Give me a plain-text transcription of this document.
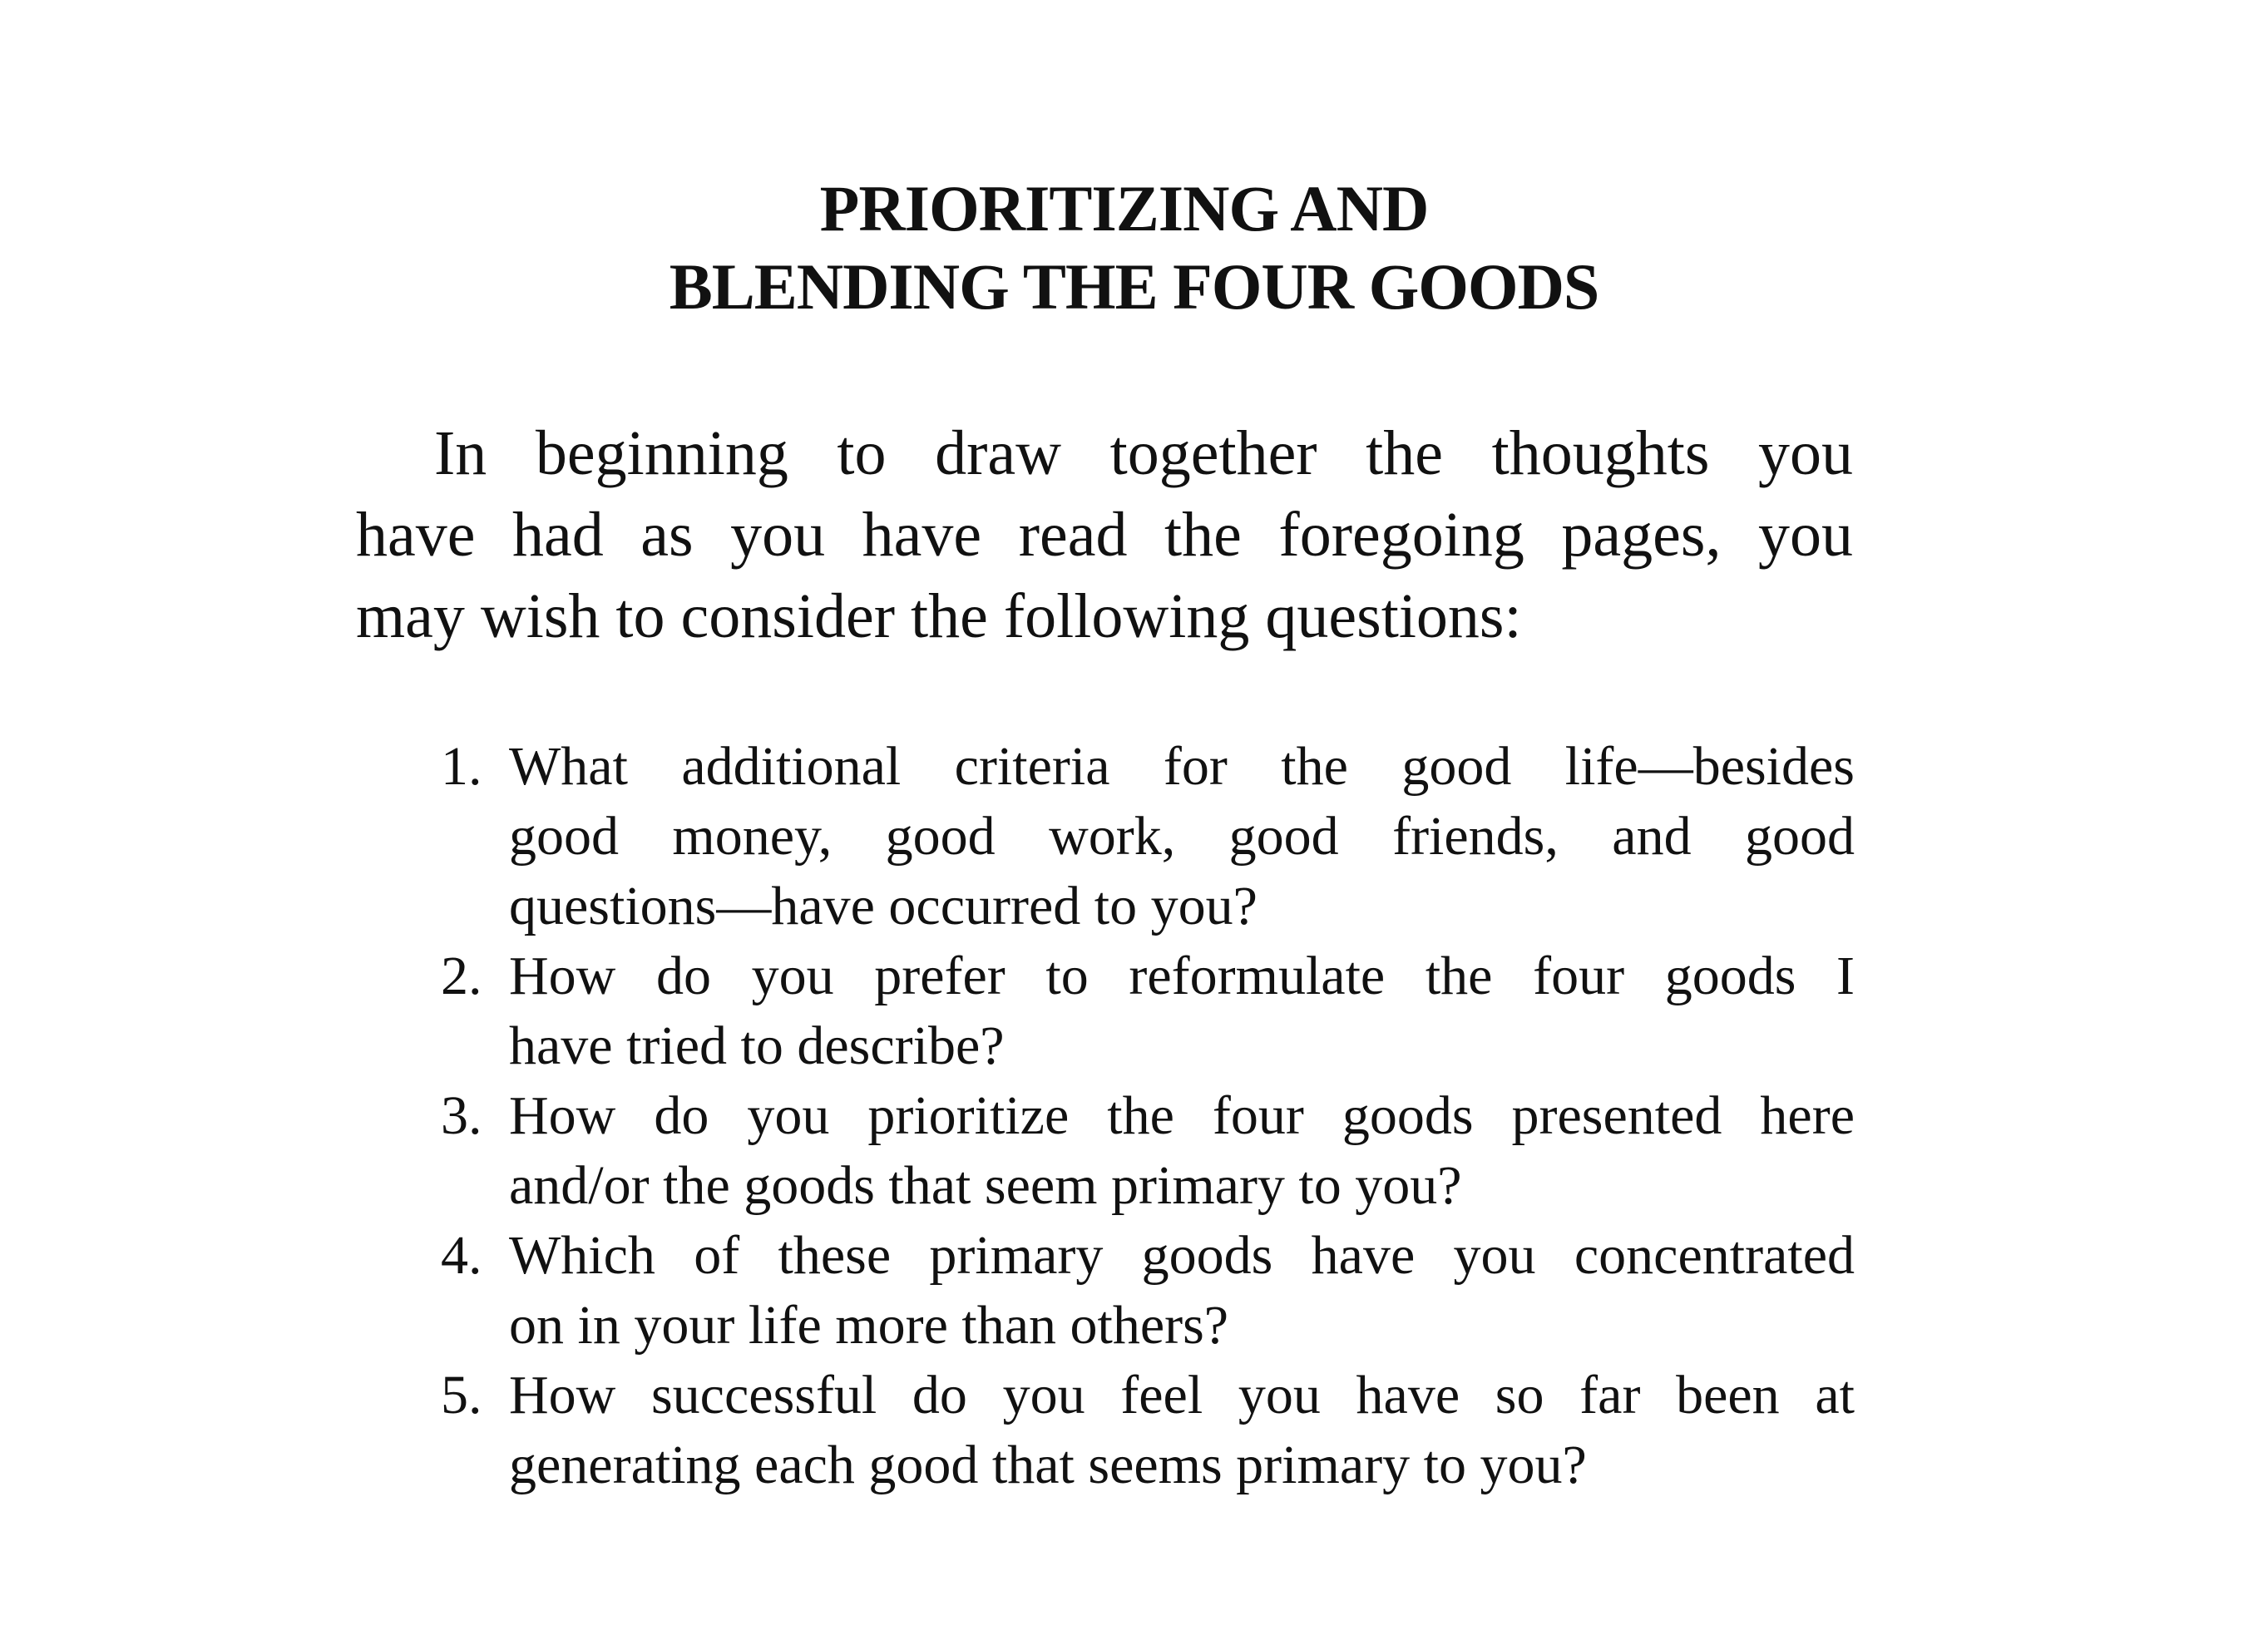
PRIORITIZING AND
BLENDING THE FOUR GOODS
In beginning to draw together the thoughts you
have had as you have read the foregoing pages, you
may wish to consider the following questions:
1. What additional criteria for the good life—besides
good money, good work, good friends, and good
questions—have occurred to you?
2. How do you prefer to reformulate the four goods I
have tried to describe?
3. How do you prioritize the four goods presented here
and/or the goods that seem primary to you?
4. Which of these primary goods have you concentrated
on in your life more than others?
5. How successful do you feel you have so far been at
generating each good that seems primary to you?
